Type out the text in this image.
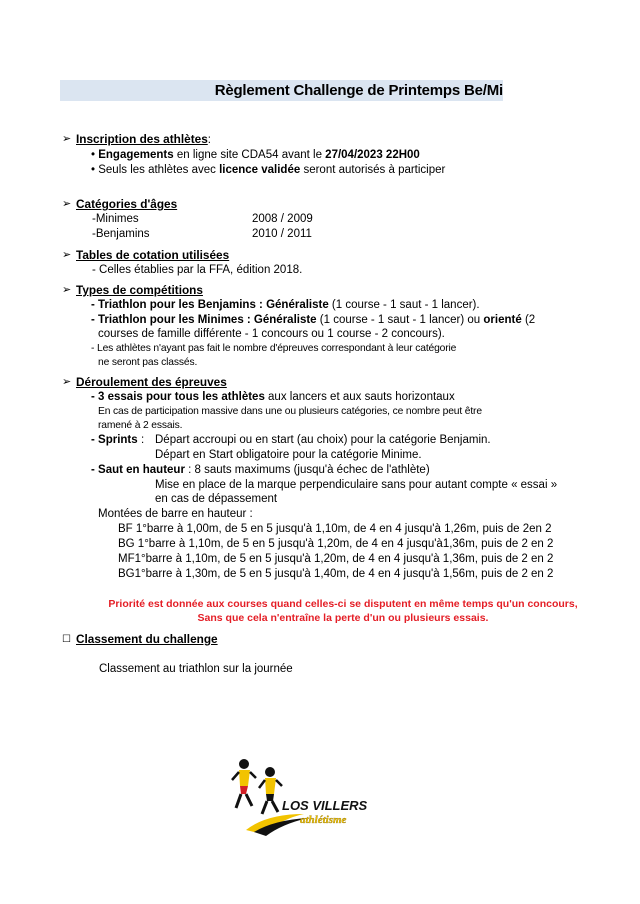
Règlement Challenge de Printemps Be/Mi
➢ Inscription des athlètes:
• Engagements en ligne site CDA54 avant le 27/04/2023 22H00
• Seuls les athlètes avec licence validée seront autorisés à participer
➢ Catégories d'âges
-Minimes	2008 / 2009
-Benjamins	2010 / 2011
➢ Tables de cotation utilisées
- Celles établies par la FFA, édition 2018.
➢ Types de compétitions
- Triathlon pour les Benjamins : Généraliste (1 course - 1 saut - 1 lancer).
- Triathlon pour les Minimes : Généraliste (1 course - 1 saut - 1 lancer) ou orienté (2
courses de famille différente - 1 concours ou 1 course - 2 concours).
- Les athlètes n'ayant pas fait le nombre d'épreuves correspondant à leur catégorie
ne seront pas classés.
➢ Déroulement des épreuves
- 3 essais pour tous les athlètes aux lancers et aux sauts horizontaux
En cas de participation massive dans une ou plusieurs catégories, ce nombre peut être
ramené à 2 essais.
- Sprints : Départ accroupi ou en start (au choix) pour la catégorie Benjamin.
Départ en Start obligatoire pour la catégorie Minime.
- Saut en hauteur : 8 sauts maximums (jusqu'à échec de l'athlète)
Mise en place de la marque perpendiculaire sans pour autant compte « essai »
en cas de dépassement
Montées de barre en hauteur :
BF 1°barre à 1,00m, de 5 en 5 jusqu'à 1,10m, de 4 en 4 jusqu'à 1,26m, puis de 2en 2
BG 1°barre à 1,10m, de 5 en 5 jusqu'à 1,20m, de 4 en 4 jusqu'à1,36m, puis de 2 en 2
MF1°barre à 1,10m, de 5 en 5 jusqu'à 1,20m, de 4 en 4 jusqu'à 1,36m, puis de 2 en 2
BG1°barre à 1,30m, de 5 en 5 jusqu'à 1,40m, de 4 en 4 jusqu'à 1,56m, puis de 2 en 2
Priorité est donnée aux courses quand celles-ci se disputent en même temps qu'un concours,
Sans que cela n'entraîne la perte d'un ou plusieurs essais.
☐ Classement du challenge
Classement au triathlon sur la journée
LOS VILLERS
athlétisme
